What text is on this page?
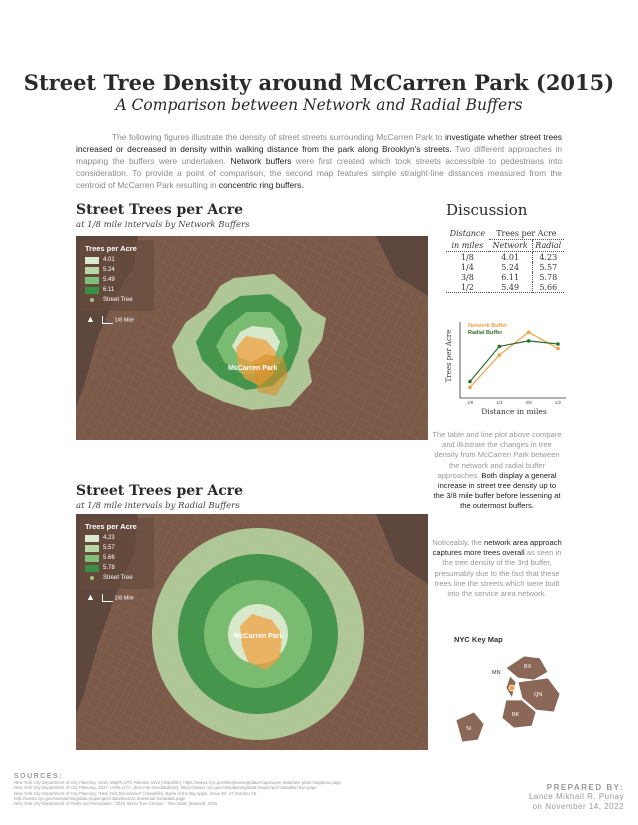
Street Tree Density around McCarren Park (2015)
A Comparison between Network and Radial Buffers
The following figures illustrate the density of street streets surrounding McCarren Park to investigate whether street trees increased or decreased in density within walking distance from the park along Brooklyn's streets. Two different approaches in mapping the buffers were undertaken. Network buffers were first created which took streets accessible to pedestrians into consideration. To provide a point of comparison, the second map features simple straight-line distances measured from the centroid of McCarren Park resulting in concentric ring buffers.
Street Trees per Acre
at 1/8 mile intervals by Network Buffers
McCarren Park
Trees per Acre
4.01
5.24
5.49
6.11
Street Tree
▲	1/8 Mile
Street Trees per Acre
at 1/8 mile intervals by Radial Buffers
McCarren Park
Trees per Acre
4.23
5.57
5.66
5.78
Street Tree
▲	1/8 Mile
Discussion
Distance	Trees per Acre	
in miles	Network	Radial
1/8	4.01	4.23
1/4	5.24	5.57
3/8	6.11	5.78
1/2	5.49	5.66

Trees per Acre
Distance in miles
Network Buffer
Radial Buffer
1/8	1/4	3/8	1/2
The table and line plot above compare and illustrate the changes in tree density from McCarren Park between the network and radial buffer approaches. Both display a general increase in street tree density up to the 3/8 mile buffer before lessening at the outermost buffers.
Noticeably, the network area approach captures more trees overall as seen in the tree density of the 3rd buffer, presumably due to the fact that these trees line the streets which were built into the service area network.
NYC Key Map
MN
BX
QN
BK
SI
SOURCES:
New York City Department of City Planning. 2016. MapPLUTO Release 16v2 [shapefile]. https://www1.nyc.gov/site/planning/data-maps/open-data/dwn-pluto-mappluto.page
New York City Department of City Planning. 2017. LION v17A. [Esri File Geodatabase]. https://www1.nyc.gov/site/planning/data-maps/open-data/dwn-lion.page
New York City Department of City Planning. "New York Boundaries" [shapefile]. Bytes of the Big Apple, issue 4D. 27 October 16.
http://www1.nyc.gov/site/planning/data-maps/open-data/districts-download-metadata.page
New York City Department of Parks and Recreation. "2015 Street Tree Census - Tree Data" [dataset]. 2016.
PREPARED BY:
Lance Mikhail R. Punay
on November 14, 2022
